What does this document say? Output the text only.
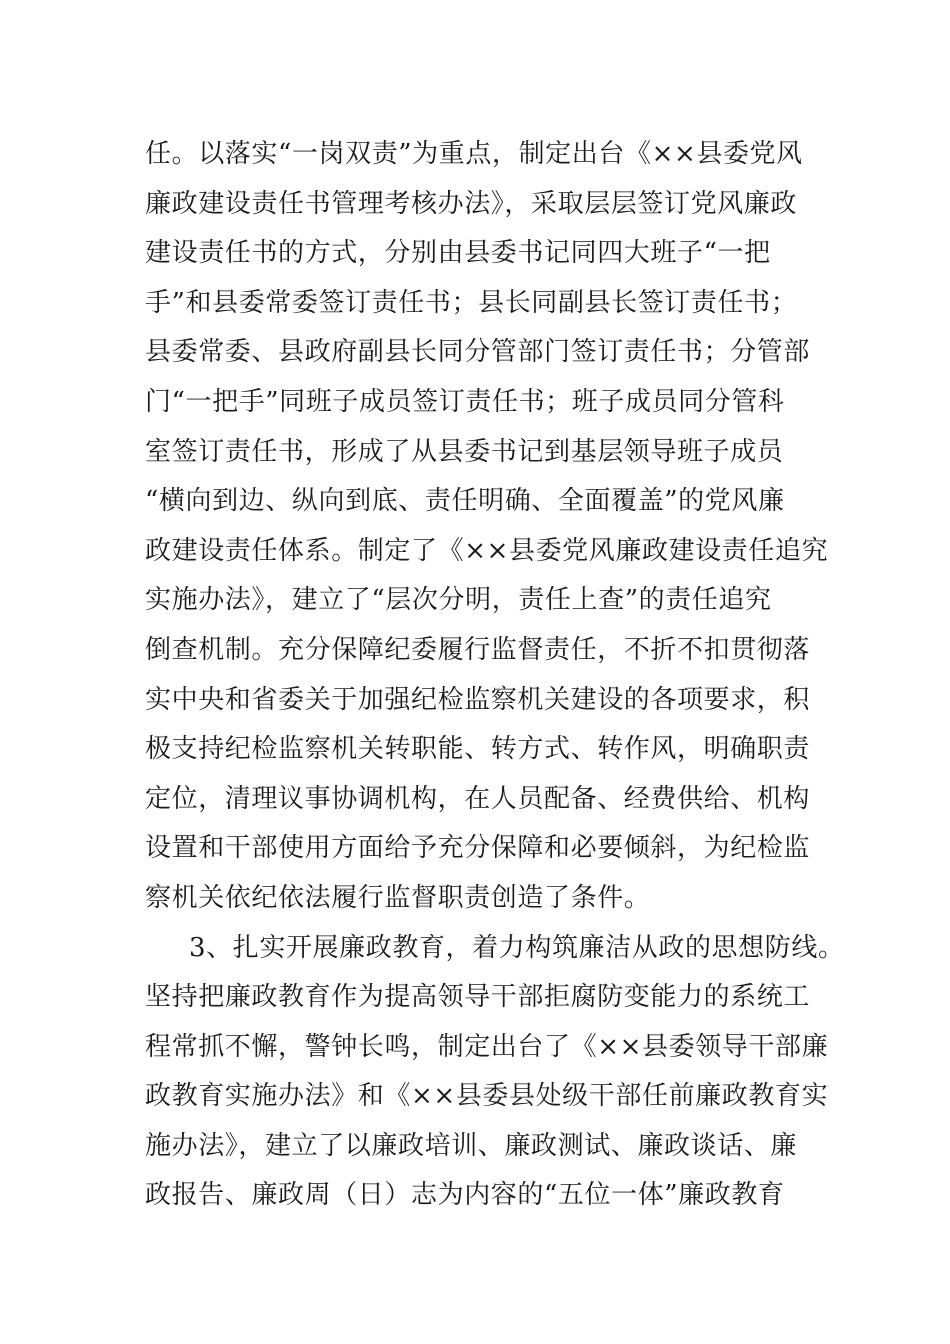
任。以落实“一岗双责”为重点，制定出台《××县委党风
廉政建设责任书管理考核办法》，采取层层签订党风廉政
建设责任书的方式，分别由县委书记同四大班子“一把
手”和县委常委签订责任书；县长同副县长签订责任书；
县委常委、县政府副县长同分管部门签订责任书；分管部
门“一把手”同班子成员签订责任书；班子成员同分管科
室签订责任书，形成了从县委书记到基层领导班子成员
“横向到边、纵向到底、责任明确、全面覆盖”的党风廉
政建设责任体系。制定了《××县委党风廉政建设责任追究
实施办法》，建立了“层次分明，责任上查”的责任追究
倒查机制。充分保障纪委履行监督责任，不折不扣贯彻落
实中央和省委关于加强纪检监察机关建设的各项要求，积
极支持纪检监察机关转职能、转方式、转作风，明确职责
定位，清理议事协调机构，在人员配备、经费供给、机构
设置和干部使用方面给予充分保障和必要倾斜，为纪检监
察机关依纪依法履行监督职责创造了条件。
3、扎实开展廉政教育，着力构筑廉洁从政的思想防线。
坚持把廉政教育作为提高领导干部拒腐防变能力的系统工
程常抓不懈，警钟长鸣，制定出台了《××县委领导干部廉
政教育实施办法》和《××县委县处级干部任前廉政教育实
施办法》，建立了以廉政培训、廉政测试、廉政谈话、廉
政报告、廉政周（日）志为内容的“五位一体”廉政教育
